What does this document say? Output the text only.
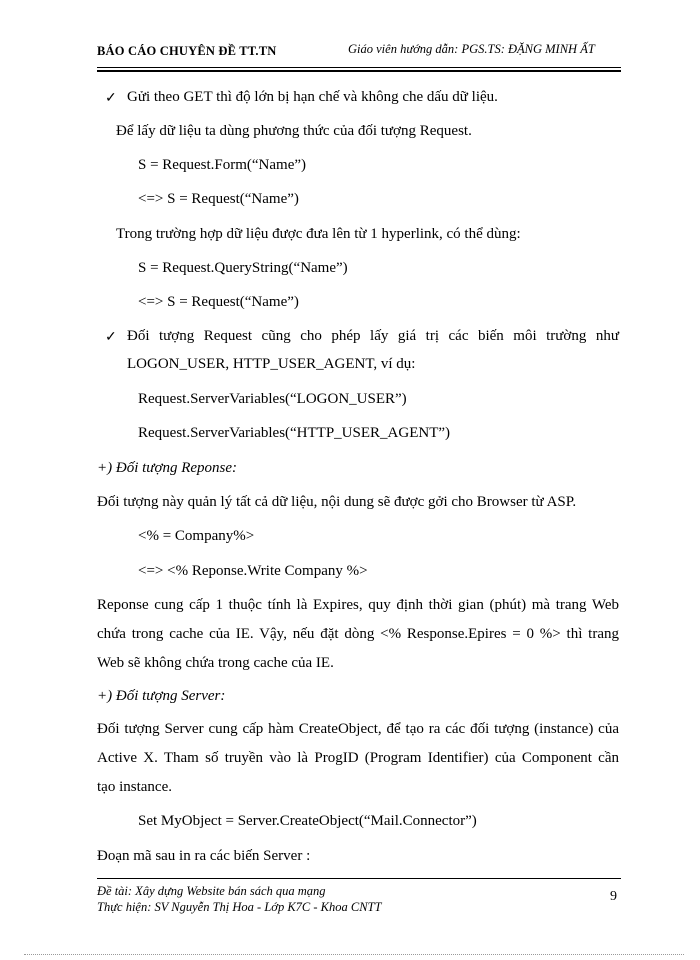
BÁO CÁO CHUYÊN ĐỀ TT.TN	Giáo viên hướng dẫn: PGS.TS: ĐẶNG MINH ẤT
✓ Gửi theo GET thì độ lớn bị hạn chế và không che dấu dữ liệu.
Để lấy dữ liệu ta dùng phương thức của đối tượng Request.
S = Request.Form(“Name”)
<=> S = Request(“Name”)
Trong trường hợp dữ liệu được đưa lên từ 1 hyperlink, có thể dùng:
S = Request.QueryString(“Name”)
<=> S = Request(“Name”)
✓ Đối tượng Request cũng cho phép lấy giá trị các biến môi trường như
LOGON_USER, HTTP_USER_AGENT, ví dụ:
Request.ServerVariables(“LOGON_USER”)
Request.ServerVariables(“HTTP_USER_AGENT”)
+) Đối tượng Reponse:
Đối tượng này quản lý tất cả dữ liệu, nội dung sẽ được gởi cho Browser từ ASP.
<% = Company%>
<=> <% Reponse.Write Company %>
Reponse cung cấp 1 thuộc tính là Expires, quy định thời gian (phút) mà trang Web
chứa trong cache của IE. Vậy, nếu đặt dòng <% Response.Epires = 0 %> thì trang
Web sẽ không chứa trong cache của IE.
+) Đối tượng Server:
Đối tượng Server cung cấp hàm CreateObject, để tạo ra các đối tượng (instance) của
Active X. Tham số truyền vào là ProgID (Program Identifier) của Component cần
tạo instance.
Set MyObject = Server.CreateObject(“Mail.Connector”)
Đoạn mã sau in ra các biến Server :
Đề tài: Xây dựng Website bán sách qua mạng
Thực hiện: SV Nguyễn Thị Hoa - Lớp K7C - Khoa CNTT
9
